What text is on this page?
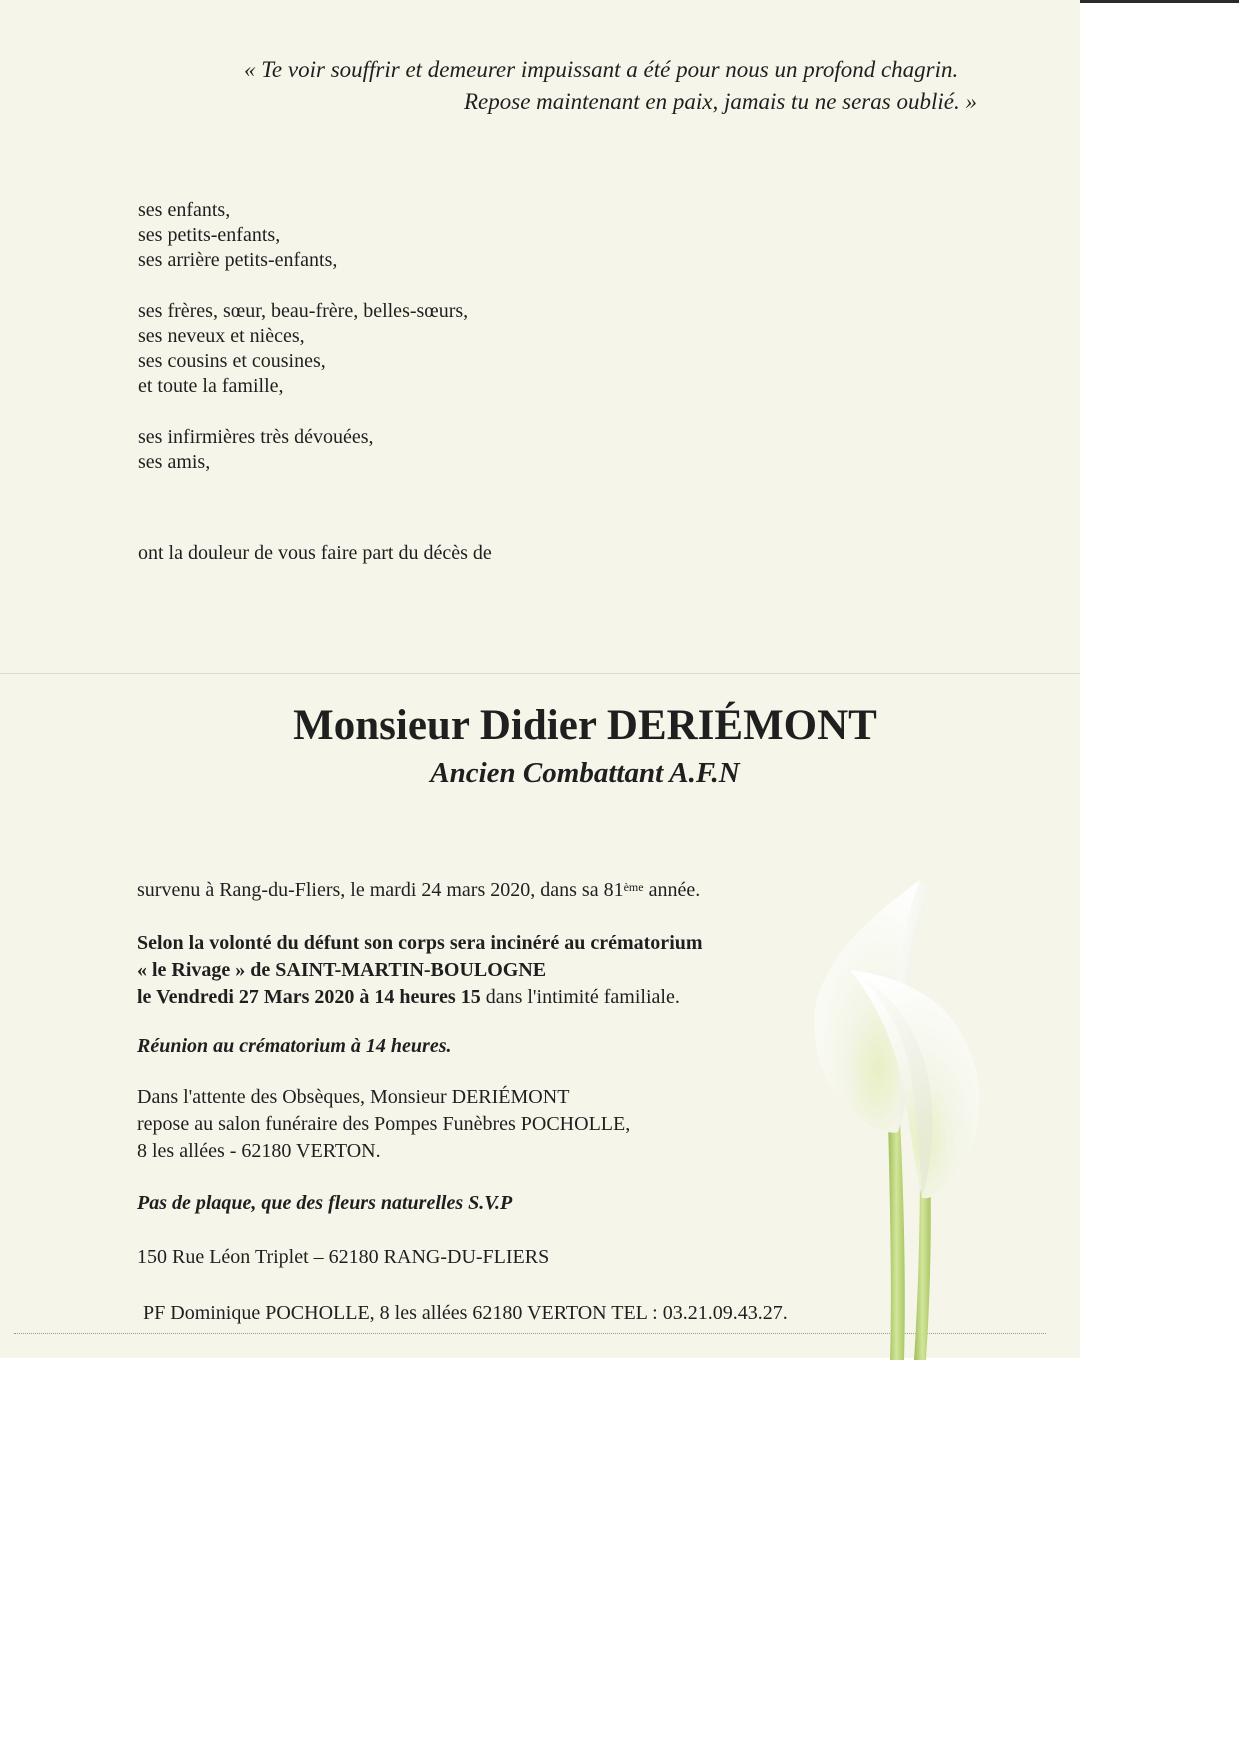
« Te voir souffrir et demeurer impuissant a été pour nous un profond chagrin.
Repose maintenant en paix, jamais tu ne seras oublié. »
ses enfants,
ses petits-enfants,
ses arrière petits-enfants,
ses frères, sœur, beau-frère, belles-sœurs,
ses neveux et nièces,
ses cousins et cousines,
et toute la famille,
ses infirmières très dévouées,
ses amis,
ont la douleur de vous faire part du décès de
Monsieur Didier DERIÉMONT
Ancien Combattant A.F.N
survenu à Rang-du-Fliers, le mardi 24 mars 2020, dans sa 81ème année.
Selon la volonté du défunt son corps sera incinéré au crématorium
« le Rivage » de SAINT-MARTIN-BOULOGNE
le Vendredi 27 Mars 2020 à 14 heures 15 dans l'intimité familiale.
Réunion au crématorium à 14 heures.
Dans l'attente des Obsèques, Monsieur DERIÉMONT
repose au salon funéraire des Pompes Funèbres POCHOLLE,
8 les allées - 62180 VERTON.
Pas de plaque, que des fleurs naturelles S.V.P
150 Rue Léon Triplet – 62180 RANG-DU-FLIERS
PF Dominique POCHOLLE, 8 les allées 62180 VERTON TEL : 03.21.09.43.27.
